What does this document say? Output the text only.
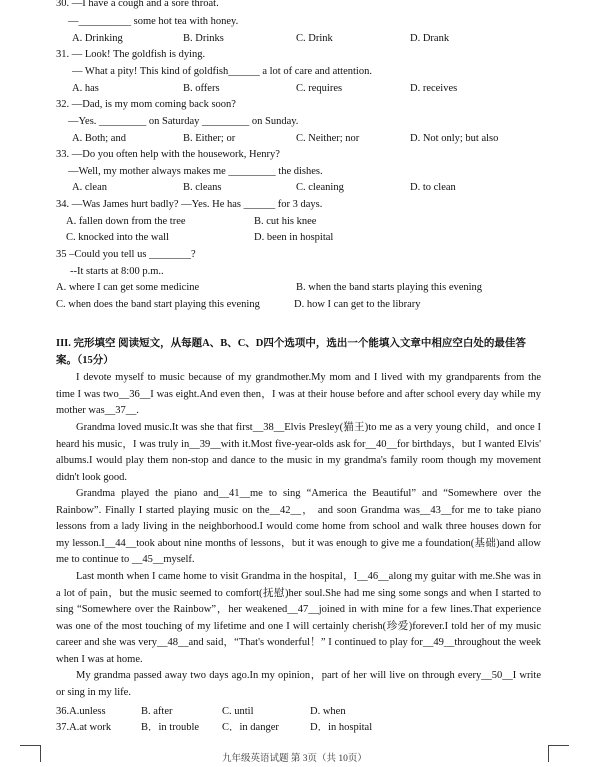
30. —I have a cough and a sore throat.
—__________ some hot tea with honey.
A. Drinking	B. Drinks	C. Drink	D. Drank
31. — Look! The goldfish is dying.
— What a pity! This kind of goldfish______ a lot of care and attention.
A. has	B. offers	C. requires	D. receives
32. —Dad, is my mom coming back soon?
—Yes. _________ on Saturday _________ on Sunday.
A. Both; and	B. Either; or	C. Neither; nor	D. Not only; but also
33. —Do you often help with the housework, Henry?
—Well, my mother always makes me _________ the dishes.
A. clean	B. cleans	C. cleaning	D. to clean
34. —Was James hurt badly? —Yes. He has ______ for 3 days.
A. fallen down from the tree	B. cut his knee
C. knocked into the wall	D. been in hospital
35 –Could you tell us ________?
--It starts at 8:00 p.m..
A. where I can get some medicine	B. when the band starts playing this evening
C. when does the band start playing this evening	D. how I can get to the library
III. 完形填空 阅读短文，从每题A、B、C、D四个选项中，选出一个能填入文章中相应空白处的最佳答案。（15分）
I devote myself to music because of my grandmother.My mom and I lived with my grandparents from the time I was two__36__I was eight.And even then，I was at their house before and after school every day while my mother was__37__.
Grandma loved music.It was she that first__38__Elvis Presley(猫王)to me as a very young child，and once I heard his music，I was truly in__39__with it.Most five-year-olds ask for__40__for birthdays，but I wanted Elvis' albums.I would play them non-stop and dance to the music in my grandma's family room though my movement didn't look good.
Grandma played the piano and__41__me to sing “America the Beautiful” and “Somewhere over the Rainbow”. Finally I started playing music on the__42__， and soon Grandma was__43__for me to take piano lessons from a lady living in the neighborhood.I would come home from school and walk three houses down for my lesson.I__44__took about nine months of lessons，but it was enough to give me a foundation(基础)and allow me to continue to __45__myself.
Last month when I came home to visit Grandma in the hospital，I__46__along my guitar with me.She was in a lot of pain，but the music seemed to comfort(抚慰)her soul.She had me sing some songs and when I started to sing “Somewhere over the Rainbow”，her weakened__47__joined in with mine for a few lines.That experience was one of the most touching of my lifetime and one I will certainly cherish(珍爱)forever.I told her of my music career and she was very__48__and said，“That's wonderful！” I continued to play for__49__throughout the week when I was at home.
My grandma passed away two days ago.In my opinion，part of her will live on through every__50__I write or sing in my life.
36.A.unless	B. after	C. until	D. when
37.A.at work	B．in trouble C．in danger	D．in hospital
九年级英语试题 第 3页（共 10页）
